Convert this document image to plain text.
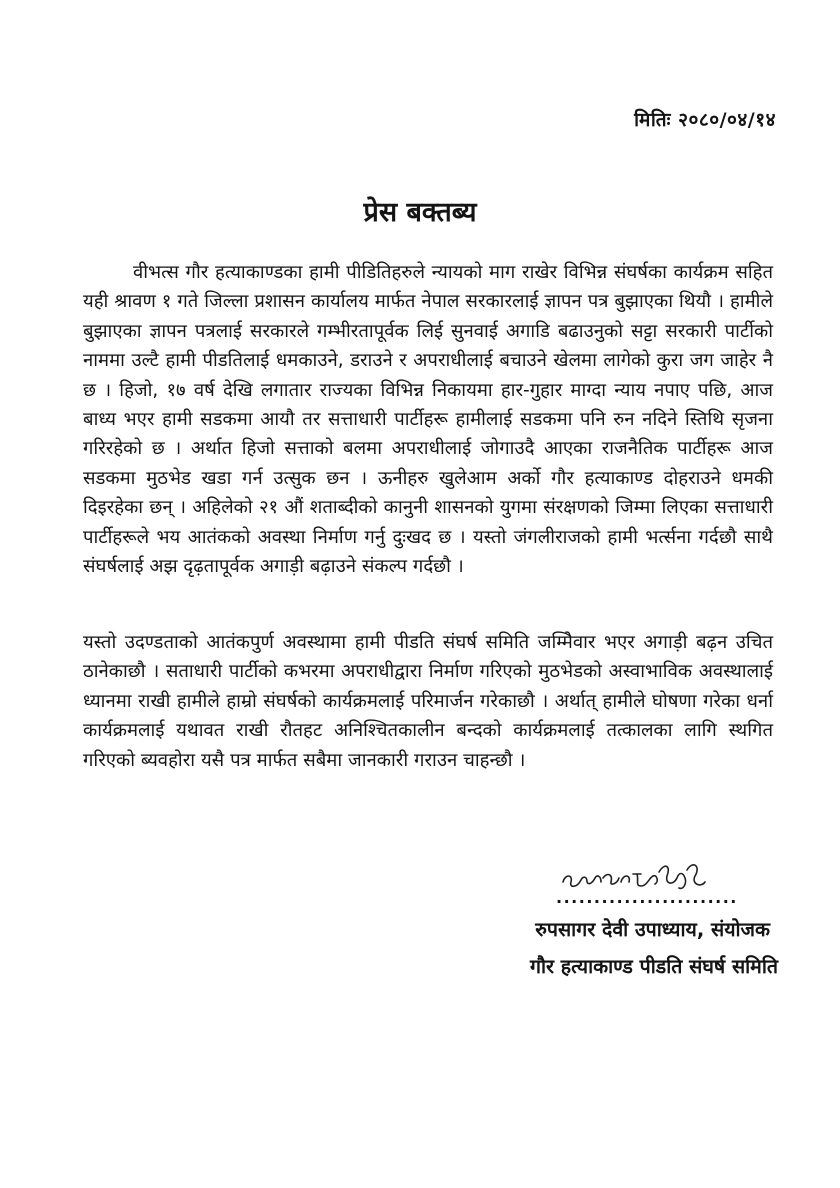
मितिः २०८०/०४/१४
प्रेस बक्तब्य

वीभत्स गौर हत्याकाण्डका हामी पीडितिहरुले न्यायको माग राखेर विभिन्न संघर्षका कार्यक्रम सहित यही श्रावण १ गते जिल्ला प्रशासन कार्यालय मार्फत नेपाल सरकारलाई ज्ञापन पत्र बुझाएका थियौ । हामीले बुझाएका ज्ञापन पत्रलाई सरकारले गम्भीरतापूर्वक लिई सुनवाई अगाडि बढाउनुको सट्टा सरकारी पार्टीको नाममा उल्टै हामी पीडतिलाई धमकाउने, डराउने र अपराधीलाई बचाउने खेलमा लागेको कुरा जग जाहेर नै छ । हिजो, १७ वर्ष देखि लगातार राज्यका विभिन्न निकायमा हार-गुहार माग्दा न्याय नपाए पछि, आज बाध्य भएर हामी सडकमा आयौ तर सत्ताधारी पार्टीहरू हामीलाई सडकमा पनि रुन नदिने स्तिथि सृजना गरिरहेको छ । अर्थात हिजो सत्ताको बलमा अपराधीलाई जोगाउदै आएका राजनैतिक पार्टीहरू आज सडकमा मुठभेड खडा गर्न उत्सुक छन । ऊनीहरु खुलेआम अर्को गौर हत्याकाण्ड दोहराउने धमकी दिइरहेका छन् । अहिलेको २१ औं शताब्दीको कानुनी शासनको युगमा संरक्षणको जिम्मा लिएका सत्ताधारी पार्टीहरूले भय आतंकको अवस्था निर्माण गर्नु दुःखद छ । यस्तो जंगलीराजको हामी भर्त्सना गर्दछौ साथै संघर्षलाई अझ दृढ़तापूर्वक अगाड़ी बढ़ाउने संकल्प गर्दछौ ।

यस्तो उदण्डताको आतंकपुर्ण अवस्थामा हामी पीडति संघर्ष समिति जम्मिेवार भएर अगाड़ी बढ़न उचित ठानेकाछौ । सताधारी पार्टीको कभरमा अपराधीद्वारा निर्माण गरिएको मुठभेडको अस्वाभाविक अवस्थालाई ध्यानमा राखी हामीले हाम्रो संघर्षको कार्यक्रमलाई परिमार्जन गरेकाछौ । अर्थात् हामीले घोषणा गरेका धर्ना कार्यक्रमलाई यथावत राखी रौतहट अनिश्चितकालीन बन्दको कार्यक्रमलाई तत्कालका लागि स्थगित गरिएको ब्यवहोरा यसै पत्र मार्फत सबैमा जानकारी गराउन चाहन्छौ ।

........................
रुपसागर देवी उपाध्याय, संयोजक
गौर हत्याकाण्ड पीडति संघर्ष समिति
